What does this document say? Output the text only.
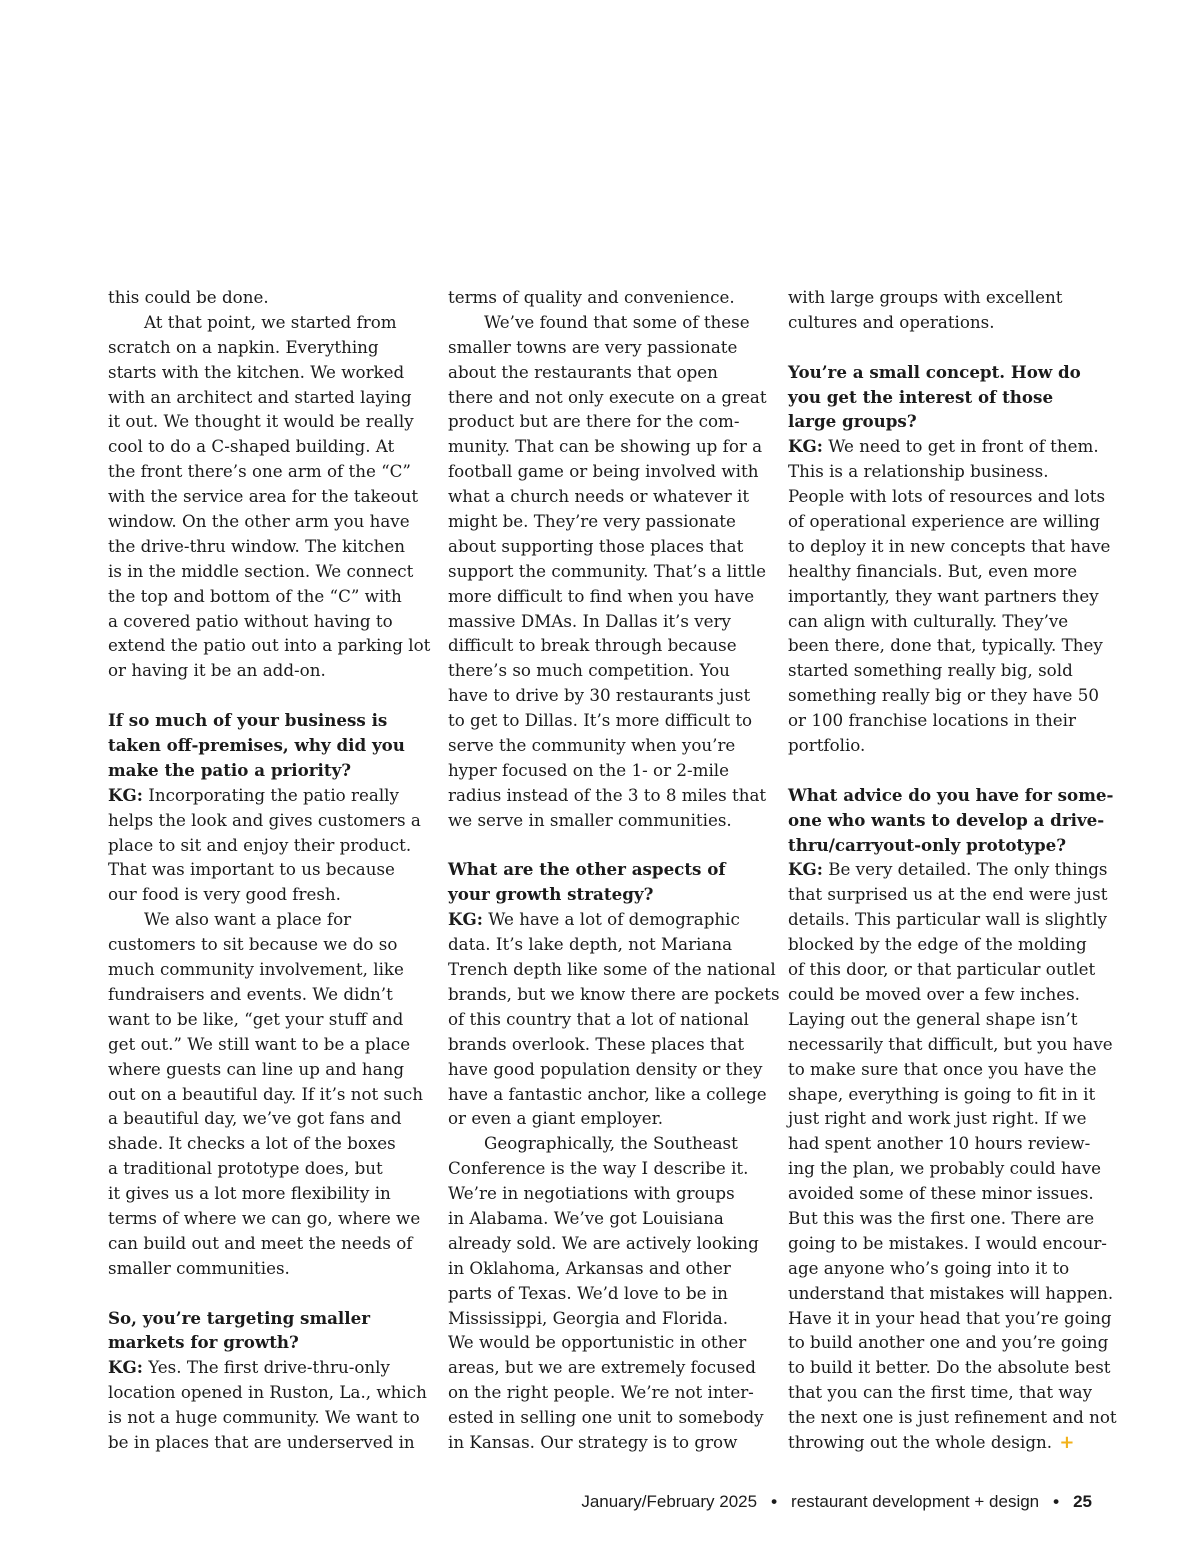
this could be done.
At that point, we started from
scratch on a napkin. Everything
starts with the kitchen. We worked
with an architect and started laying
it out. We thought it would be really
cool to do a C-shaped building. At
the front there’s one arm of the “C”
with the service area for the takeout
window. On the other arm you have
the drive-thru window. The kitchen
is in the middle section. We connect
the top and bottom of the “C” with
a covered patio without having to
extend the patio out into a parking lot
or having it be an add-on.
If so much of your business is
taken off-premises, why did you
make the patio a priority?
KG: Incorporating the patio really
helps the look and gives customers a
place to sit and enjoy their product.
That was important to us because
our food is very good fresh.
We also want a place for
customers to sit because we do so
much community involvement, like
fundraisers and events. We didn’t
want to be like, “get your stuff and
get out.” We still want to be a place
where guests can line up and hang
out on a beautiful day. If it’s not such
a beautiful day, we’ve got fans and
shade. It checks a lot of the boxes
a traditional prototype does, but
it gives us a lot more flexibility in
terms of where we can go, where we
can build out and meet the needs of
smaller communities.
So, you’re targeting smaller
markets for growth?
KG: Yes. The first drive-thru-only
location opened in Ruston, La., which
is not a huge community. We want to
be in places that are underserved in
terms of quality and convenience.
We’ve found that some of these
smaller towns are very passionate
about the restaurants that open
there and not only execute on a great
product but are there for the com-
munity. That can be showing up for a
football game or being involved with
what a church needs or whatever it
might be. They’re very passionate
about supporting those places that
support the community. That’s a little
more difficult to find when you have
massive DMAs. In Dallas it’s very
difficult to break through because
there’s so much competition. You
have to drive by 30 restaurants just
to get to Dillas. It’s more difficult to
serve the community when you’re
hyper focused on the 1- or 2-mile
radius instead of the 3 to 8 miles that
we serve in smaller communities.
What are the other aspects of
your growth strategy?
KG: We have a lot of demographic
data. It’s lake depth, not Mariana
Trench depth like some of the national
brands, but we know there are pockets
of this country that a lot of national
brands overlook. These places that
have good population density or they
have a fantastic anchor, like a college
or even a giant employer.
Geographically, the Southeast
Conference is the way I describe it.
We’re in negotiations with groups
in Alabama. We’ve got Louisiana
already sold. We are actively looking
in Oklahoma, Arkansas and other
parts of Texas. We’d love to be in
Mississippi, Georgia and Florida.
We would be opportunistic in other
areas, but we are extremely focused
on the right people. We’re not inter-
ested in selling one unit to somebody
in Kansas. Our strategy is to grow
with large groups with excellent
cultures and operations.
You’re a small concept. How do
you get the interest of those
large groups?
KG: We need to get in front of them.
This is a relationship business.
People with lots of resources and lots
of operational experience are willing
to deploy it in new concepts that have
healthy financials. But, even more
importantly, they want partners they
can align with culturally. They’ve
been there, done that, typically. They
started something really big, sold
something really big or they have 50
or 100 franchise locations in their
portfolio.
What advice do you have for some-
one who wants to develop a drive-
thru/carryout-only prototype?
KG: Be very detailed. The only things
that surprised us at the end were just
details. This particular wall is slightly
blocked by the edge of the molding
of this door, or that particular outlet
could be moved over a few inches.
Laying out the general shape isn’t
necessarily that difficult, but you have
to make sure that once you have the
shape, everything is going to fit in it
just right and work just right. If we
had spent another 10 hours review-
ing the plan, we probably could have
avoided some of these minor issues.
But this was the first one. There are
going to be mistakes. I would encour-
age anyone who’s going into it to
understand that mistakes will happen.
Have it in your head that you’re going
to build another one and you’re going
to build it better. Do the absolute best
that you can the first time, that way
the next one is just refinement and not
throwing out the whole design. +
January/February 2025 • restaurant development + design • 25
